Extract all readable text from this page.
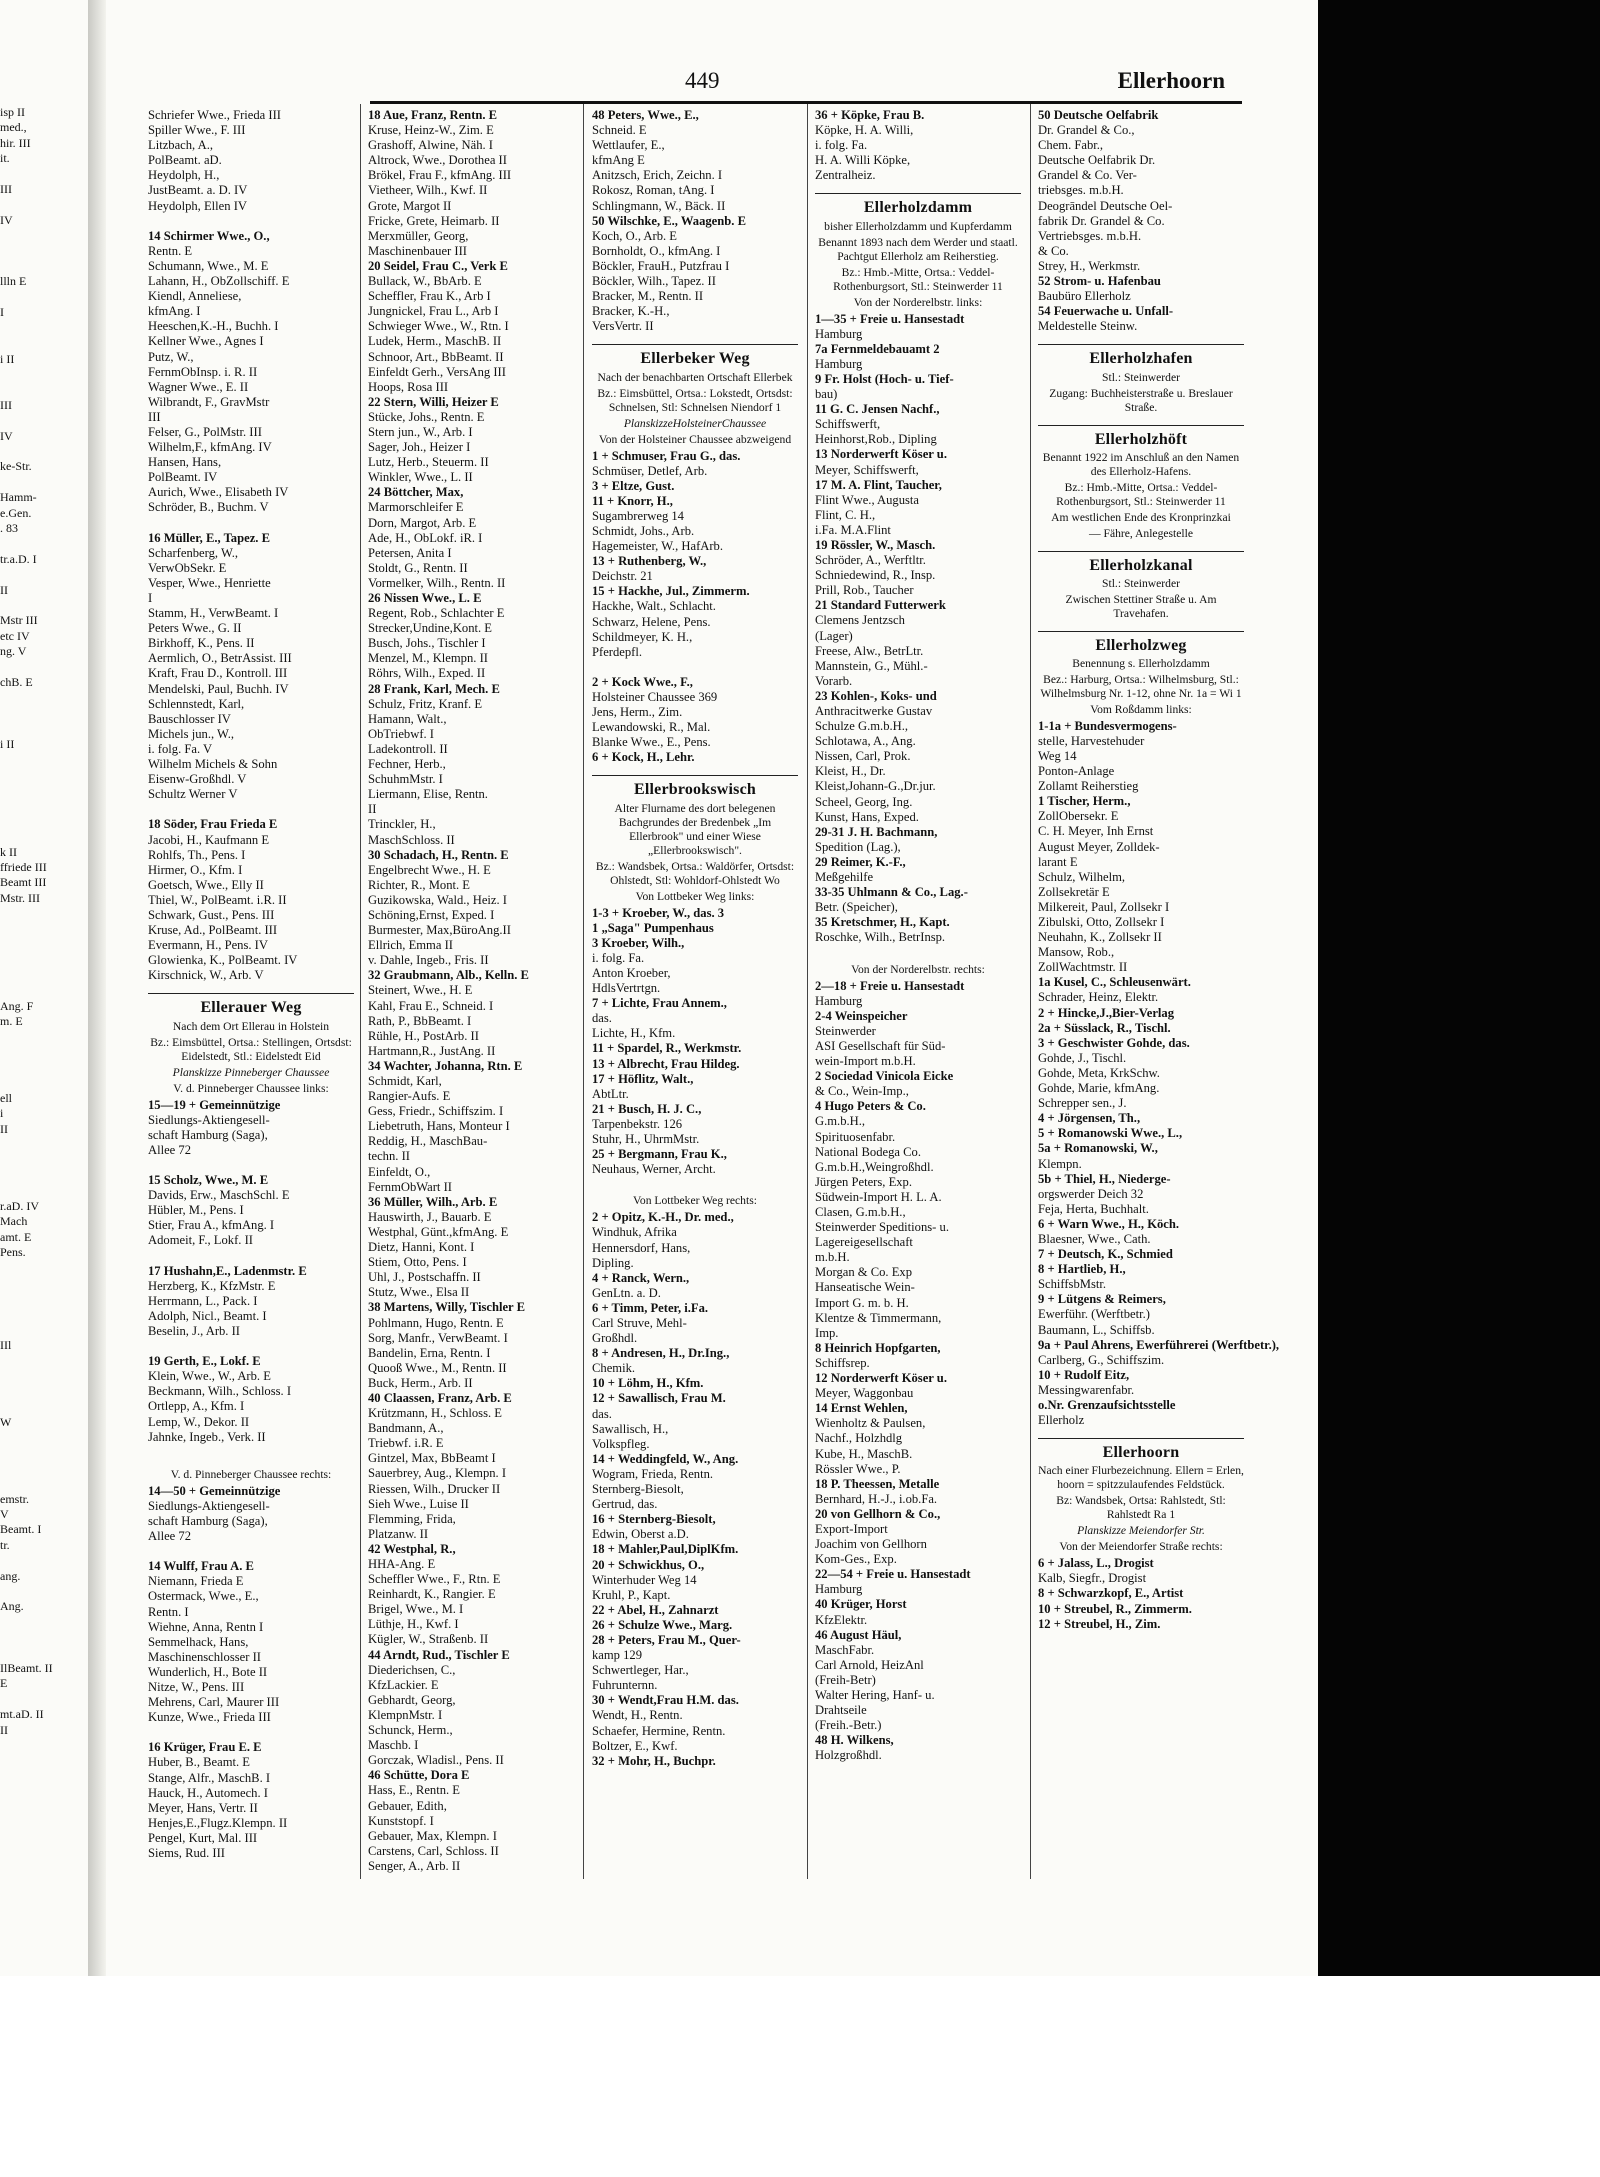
isp II
med.,
hir. III
it.

III

IV

llln E

I

i II

III

IV

ke-Str.

Hamm-
e.Gen.
. 83

tr.a.D. I

II

Mstr III
etc IV
ng. V

chB. E

i II

k II
ffriede III
Beamt III
Mstr. III

Ang. F
m. E

ell
i
II

r.aD. IV
Mach
amt. E
Pens.

IIl

W

emstr.
V
Beamt. I
tr.

ang.

Ang.

IlBeamt. II
E

mt.aD. II
II
449	Ellerhoorn
Schriefer Wwe., Frieda III
Spiller Wwe., F. III
Litzbach, A.,
PolBeamt. aD.
Heydolph, H.,
JustBeamt. a. D. IV
Heydolph, Ellen IV

14 Schirmer Wwe., O.,
Rentn. E
Schumann, Wwe., M. E
Lahann, H., ObZollschiff. E
Kiendl, Anneliese,
kfmAng. I
Heeschen,K.-H., Buchh. I
Kellner Wwe., Agnes I
Putz, W.,
FernmObInsp. i. R. II
Wagner Wwe., E. II
Wilbrandt, F., GravMstr
III
Felser, G., PolMstr. III
Wilhelm,F., kfmAng. IV
Hansen, Hans,
PolBeamt. IV
Aurich, Wwe., Elisabeth IV
Schröder, B., Buchm. V

16 Müller, E., Tapez. E
Scharfenberg, W.,
VerwObSekr. E
Vesper, Wwe., Henriette
I
Stamm, H., VerwBeamt. I
Peters Wwe., G. II
Birkhoff, K., Pens. II
Aermlich, O., BetrAssist. III
Kraft, Frau D., Kontroll. III
Mendelski, Paul, Buchh. IV
Schlennstedt, Karl,
Bauschlosser IV
Michels jun., W.,
i. folg. Fa. V
Wilhelm Michels & Sohn
Eisenw-Großhdl. V
Schultz Werner V

18 Söder, Frau Frieda E
Jacobi, H., Kaufmann E
Rohlfs, Th., Pens. I
Hirmer, O., Kfm. I
Goetsch, Wwe., Elly II
Thiel, W., PolBeamt. i.R. II
Schwark, Gust., Pens. III
Kruse, Ad., PolBeamt. III
Evermann, H., Pens. IV
Glowienka, K., PolBeamt. IV
Kirschnick, W., Arb. V
Ellerauer Weg
Nach dem Ort Ellerau in Holstein
Bz.: Eimsbüttel, Ortsa.: Stellingen, Ortsdst: Eidelstedt, Stl.: Eidelstedt Eid
Planskizze Pinneberger Chaussee
V. d. Pinneberger Chaussee links:
15—19 + Gemeinnützige
Siedlungs-Aktiengesell-
schaft Hamburg (Saga),
Allee 72

15 Scholz, Wwe., M. E
Davids, Erw., MaschSchl. E
Hübler, M., Pens. I
Stier, Frau A., kfmAng. I
Adomeit, F., Lokf. II

17 Hushahn,E., Ladenmstr. E
Herzberg, K., KfzMstr. E
Herrmann, L., Pack. I
Adolph, Nicl., Beamt. I
Beselin, J., Arb. II

19 Gerth, E., Lokf. E
Klein, Wwe., W., Arb. E
Beckmann, Wilh., Schloss. I
Ortlepp, A., Kfm. I
Lemp, W., Dekor. II
Jahnke, Ingeb., Verk. II

V. d. Pinneberger Chaussee rechts:
14—50 + Gemeinnützige
Siedlungs-Aktiengesell-
schaft Hamburg (Saga),
Allee 72

14 Wulff, Frau A. E
Niemann, Frieda E
Ostermack, Wwe., E.,
Rentn. I
Wiehne, Anna, Rentn I
Semmelhack, Hans,
Maschinenschlosser II
Wunderlich, H., Bote II
Nitze, W., Pens. III
Mehrens, Carl, Maurer III
Kunze, Wwe., Frieda III

16 Krüger, Frau E. E
Huber, B., Beamt. E
Stange, Alfr., MaschB. I
Hauck, H., Automech. I
Meyer, Hans, Vertr. II
Henjes,E.,Flugz.Klempn. II
Pengel, Kurt, Mal. III
Siems, Rud. III
18 Aue, Franz, Rentn. E
Kruse, Heinz-W., Zim. E
Grashoff, Alwine, Näh. I
Altrock, Wwe., Dorothea II
Brökel, Frau F., kfmAng. III
Vietheer, Wilh., Kwf. II
Grote, Margot II
Fricke, Grete, Heimarb. II
Merxmüller, Georg,
Maschinenbauer III
20 Seidel, Frau C., Verk E
Bullack, W., BbArb. E
Scheffler, Frau K., Arb I
Jungnickel, Frau L., Arb I
Schwieger Wwe., W., Rtn. I
Ludek, Herm., MaschB. II
Schnoor, Art., BbBeamt. II
Einfeldt Gerh., VersAng III
Hoops, Rosa III
22 Stern, Willi, Heizer E
Stücke, Johs., Rentn. E
Stern jun., W., Arb. I
Sager, Joh., Heizer I
Lutz, Herb., Steuerm. II
Winkler, Wwe., L. II
24 Böttcher, Max,
Marmorschleifer E
Dorn, Margot, Arb. E
Ade, H., ObLokf. iR. I
Petersen, Anita I
Stoldt, G., Rentn. II
Vormelker, Wilh., Rentn. II
26 Nissen Wwe., L. E
Regent, Rob., Schlachter E
Strecker,Undine,Kont. E
Busch, Johs., Tischler I
Menzel, M., Klempn. II
Röhrs, Wilh., Exped. II
28 Frank, Karl, Mech. E
Schulz, Fritz, Kranf. E
Hamann, Walt.,
ObTriebwf. I
Ladekontroll. II
Fechner, Herb.,
SchuhmMstr. I
Liermann, Elise, Rentn.
II
Trinckler, H.,
MaschSchloss. II
30 Schadach, H., Rentn. E
Engelbrecht Wwe., H. E
Richter, R., Mont. E
Guzikowska, Wald., Heiz. I
Schöning,Ernst, Exped. I
Burmester, Max,BüroAng.II
Ellrich, Emma II
v. Dahle, Ingeb., Fris. II
32 Graubmann, Alb., Kelln. E
Steinert, Wwe., H. E
Kahl, Frau E., Schneid. I
Rath, P., BbBeamt. I
Rühle, H., PostArb. II
Hartmann,R., JustAng. II
34 Wachter, Johanna, Rtn. E
Schmidt, Karl,
Rangier-Aufs. E
Gess, Friedr., Schiffszim. I
Liebetruth, Hans, Monteur I
Reddig, H., MaschBau-
techn. II
Einfeldt, O.,
FernmObWart II
36 Müller, Wilh., Arb. E
Hauswirth, J., Bauarb. E
Westphal, Günt.,kfmAng. E
Dietz, Hanni, Kont. I
Stiem, Otto, Pens. I
Uhl, J., Postschaffn. II
Stutz, Wwe., Elsa II
38 Martens, Willy, Tischler E
Pohlmann, Hugo, Rentn. E
Sorg, Manfr., VerwBeamt. I
Bandelin, Erna, Rentn. I
Quooß Wwe., M., Rentn. II
Buck, Herm., Arb. II
40 Claassen, Franz, Arb. E
Krützmann, H., Schloss. E
Bandmann, A.,
Triebwf. i.R. E
Gintzel, Max, BbBeamt I
Sauerbrey, Aug., Klempn. I
Riessen, Wilh., Drucker II
Sieh Wwe., Luise II
Flemming, Frida,
Platzanw. II
42 Westphal, R.,
HHA-Ang. E
Scheffler Wwe., F., Rtn. E
Reinhardt, K., Rangier. E
Brigel, Wwe., M. I
Lüthje, H., Kwf. I
Kügler, W., Straßenb. II
44 Arndt, Rud., Tischler E
Diederichsen, C.,
KfzLackier. E
Gebhardt, Georg,
KlempnMstr. I
Schunck, Herm.,
Maschb. I
Gorczak, Wladisl., Pens. II
46 Schütte, Dora E
Hass, E., Rentn. E
Gebauer, Edith,
Kunststopf. I
Gebauer, Max, Klempn. I
Carstens, Carl, Schloss. II
Senger, A., Arb. II
48 Peters, Wwe., E.,
Schneid. E
Wettlaufer, E.,
kfmAng E
Anitzsch, Erich, Zeichn. I
Rokosz, Roman, tAng. I
Schlingmann, W., Bäck. II
50 Wilschke, E., Waagenb. E
Koch, O., Arb. E
Bornholdt, O., kfmAng. I
Böckler, FrauH., Putzfrau I
Böckler, Wilh., Tapez. II
Bracker, M., Rentn. II
Bracker, K.-H.,
VersVertr. II
Ellerbeker Weg
Nach der benachbarten Ortschaft Ellerbek
Bz.: Eimsbüttel, Ortsa.: Lokstedt, Ortsdst: Schnelsen, Stl: Schnelsen Niendorf 1
PlanskizzeHolsteinerChaussee
Von der Holsteiner Chaussee abzweigend
1 + Schmuser, Frau G., das.
Schmüser, Detlef, Arb.
3 + Eltze, Gust.
11 + Knorr, H.,
Sugambrerweg 14
Schmidt, Johs., Arb.
Hagemeister, W., HafArb.
13 + Ruthenberg, W.,
Deichstr. 21
15 + Hackhe, Jul., Zimmerm.
Hackhe, Walt., Schlacht.
Schwarz, Helene, Pens.
Schildmeyer, K. H.,
Pferdepfl.

2 + Kock Wwe., F.,
Holsteiner Chaussee 369
Jens, Herm., Zim.
Lewandowski, R., Mal.
Blanke Wwe., E., Pens.
6 + Kock, H., Lehr.
Ellerbrookswisch
Alter Flurname des dort belegenen Bachgrundes der Bredenbek „Im Ellerbrook" und einer Wiese „Ellerbrookswisch".
Bz.: Wandsbek, Ortsa.: Waldörfer, Ortsdst: Ohlstedt, Stl: Wohldorf-Ohlstedt Wo
Von Lottbeker Weg links:
1-3 + Kroeber, W., das. 3
1 „Saga" Pumpenhaus
3 Kroeber, Wilh.,
i. folg. Fa.
Anton Kroeber,
HdlsVertrtgn.
7 + Lichte, Frau Annem.,
das.
Lichte, H., Kfm.
11 + Spardel, R., Werkmstr.
13 + Albrecht, Frau Hildeg.
17 + Höflitz, Walt.,
AbtLtr.
21 + Busch, H. J. C.,
Tarpenbekstr. 126
Stuhr, H., UhrmMstr.
25 + Bergmann, Frau K.,
Neuhaus, Werner, Archt.

Von Lottbeker Weg rechts:
2 + Opitz, K.-H., Dr. med.,
Windhuk, Afrika
Hennersdorf, Hans,
Dipling.
4 + Ranck, Wern.,
GenLtn. a. D.
6 + Timm, Peter, i.Fa.
Carl Struve, Mehl-
Großhdl.
8 + Andresen, H., Dr.Ing.,
Chemik.
10 + Löhm, H., Kfm.
12 + Sawallisch, Frau M.
das.
Sawallisch, H.,
Volkspfleg.
14 + Weddingfeld, W., Ang.
Wogram, Frieda, Rentn.
Sternberg-Biesolt,
Gertrud, das.
16 + Sternberg-Biesolt,
Edwin, Oberst a.D.
18 + Mahler,Paul,DiplKfm.
20 + Schwickhus, O.,
Winterhuder Weg 14
Kruhl, P., Kapt.
22 + Abel, H., Zahnarzt
26 + Schulze Wwe., Marg.
28 + Peters, Frau M., Quer-
kamp 129
Schwertleger, Har.,
Fuhrunternn.
30 + Wendt,Frau H.M. das.
Wendt, H., Rentn.
Schaefer, Hermine, Rentn.
Boltzer, E., Kwf.
32 + Mohr, H., Buchpr.
36 + Köpke, Frau B.
Köpke, H. A. Willi,
i. folg. Fa.
H. A. Willi Köpke,
Zentralheiz.
Ellerholzdamm
bisher Ellerholzdamm und Kupferdamm
Benannt 1893 nach dem Werder und staatl. Pachtgut Ellerholz am Reiherstieg.
Bz.: Hmb.-Mitte, Ortsa.: Veddel-Rothenburgsort, Stl.: Steinwerder 11
Von der Norderelbstr. links:
1—35 + Freie u. Hansestadt
Hamburg
7a Fernmeldebauamt 2
Hamburg
9 Fr. Holst (Hoch- u. Tief-
bau)
11 G. C. Jensen Nachf.,
Schiffswerft,
Heinhorst,Rob., Dipling
13 Norderwerft Köser u.
Meyer, Schiffswerft,
17 M. A. Flint, Taucher,
Flint Wwe., Augusta
Flint, C. H.,
i.Fa. M.A.Flint
19 Rössler, W., Masch.
Schröder, A., Werftltr.
Schniedewind, R., Insp.
Prill, Rob., Taucher
21 Standard Futterwerk
Clemens Jentzsch
(Lager)
Freese, Alw., BetrLtr.
Mannstein, G., Mühl.-
Vorarb.
23 Kohlen-, Koks- und
Anthracitwerke Gustav
Schulze G.m.b.H.,
Schlotawa, A., Ang.
Nissen, Carl, Prok.
Kleist, H., Dr.
Kleist,Johann-G.,Dr.jur.
Scheel, Georg, Ing.
Kunst, Hans, Exped.
29-31 J. H. Bachmann,
Spedition (Lag.),
29 Reimer, K.-F.,
Meßgehilfe
33-35 Uhlmann & Co., Lag.-
Betr. (Speicher),
35 Kretschmer, H., Kapt.
Roschke, Wilh., BetrInsp.

Von der Norderelbstr. rechts:
2—18 + Freie u. Hansestadt
Hamburg
2-4 Weinspeicher
Steinwerder
ASI Gesellschaft für Süd-
wein-Import m.b.H.
2 Sociedad Vinicola Eicke
& Co., Wein-Imp.,
4 Hugo Peters & Co.
G.m.b.H.,
Spirituosenfabr.
National Bodega Co.
G.m.b.H.,Weingroßhdl.
Jürgen Peters, Exp.
Südwein-Import H. L. A.
Clasen, G.m.b.H.,
Steinwerder Speditions- u.
Lagereigesellschaft
m.b.H.
Morgan & Co. Exp
Hanseatische Wein-
Import G. m. b. H.
Klentze & Timmermann,
Imp.
8 Heinrich Hopfgarten,
Schiffsrep.
12 Norderwerft Köser u.
Meyer, Waggonbau
14 Ernst Wehlen,
Wienholtz & Paulsen,
Nachf., Holzhdlg
Kube, H., MaschB.
Rössler Wwe., P.
18 P. Theessen, Metalle
Bernhard, H.-J., i.ob.Fa.
20 von Gellhorn & Co.,
Export-Import
Joachim von Gellhorn
Kom-Ges., Exp.
22—54 + Freie u. Hansestadt
Hamburg
40 Krüger, Horst
KfzElektr.
46 August Häul,
MaschFabr.
Carl Arnold, HeizAnl
(Freih-Betr)
Walter Hering, Hanf- u.
Drahtseile
(Freih.-Betr.)
48 H. Wilkens,
Holzgroßhdl.
50 Deutsche Oelfabrik
Dr. Grandel & Co.,
Chem. Fabr.,
Deutsche Oelfabrik Dr.
Grandel & Co. Ver-
triebsges. m.b.H.
Deogrāndel Deutsche Oel-
fabrik Dr. Grandel & Co.
Vertriebsges. m.b.H.
& Co.
Strey, H., Werkmstr.
52 Strom- u. Hafenbau
Baubüro Ellerholz
54 Feuerwache u. Unfall-
Meldestelle Steinw.
Ellerholzhafen
Stl.: Steinwerder
Zugang: Buchheisterstraße u. Breslauer Straße.
Ellerholzhöft
Benannt 1922 im Anschluß an den Namen des Ellerholz-Hafens.
Bz.: Hmb.-Mitte, Ortsa.: Veddel-Rothenburgsort, Stl.: Steinwerder 11
Am westlichen Ende des Kronprinzkai
— Fähre, Anlegestelle
Ellerholzkanal
Stl.: Steinwerder
Zwischen Stettiner Straße u. Am Travehafen.
Ellerholzweg
Benennung s. Ellerholzdamm
Bez.: Harburg, Ortsa.: Wilhelmsburg, Stl.: Wilhelmsburg Nr. 1-12, ohne Nr. 1a = Wi 1
Vom Roßdamm links:
1-1a + Bundesvermogens-
stelle, Harvestehuder
Weg 14
Ponton-Anlage
Zollamt Reiherstieg
1 Tischer, Herm.,
ZollObersekr. E
C. H. Meyer, Inh Ernst
August Meyer, Zolldek-
larant E
Schulz, Wilhelm,
Zollsekretär E
Milkereit, Paul, Zollsekr I
Zibulski, Otto, Zollsekr I
Neuhahn, K., Zollsekr II
Mansow, Rob.,
ZollWachtmstr. II
1a Kusel, C., Schleusenwärt.
Schrader, Heinz, Elektr.
2 + Hincke,J.,Bier-Verlag
2a + Süsslack, R., Tischl.
3 + Geschwister Gohde, das.
Gohde, J., Tischl.
Gohde, Meta, KrkSchw.
Gohde, Marie, kfmAng.
Schrepper sen., J.
4 + Jörgensen, Th.,
5 + Romanowski Wwe., L.,
5a + Romanowski, W.,
Klempn.
5b + Thiel, H., Niederge-
orgswerder Deich 32
Feja, Herta, Buchhalt.
6 + Warn Wwe., H., Köch.
Blaesner, Wwe., Cath.
7 + Deutsch, K., Schmied
8 + Hartlieb, H.,
SchiffsbMstr.
9 + Lütgens & Reimers,
Ewerführ. (Werftbetr.)
Baumann, L., Schiffsb.
9a + Paul Ahrens, Ewerführerei (Werftbetr.),
Carlberg, G., Schiffszim.
10 + Rudolf Eitz,
Messingwarenfabr.
o.Nr. Grenzaufsichtsstelle
Ellerholz
Ellerhoorn
Nach einer Flurbezeichnung. Ellern = Erlen, hoorn = spitzzulaufendes Feldstück.
Bz: Wandsbek, Ortsa: Rahlstedt, Stl: Rahlstedt Ra 1
Planskizze Meiendorfer Str.
Von der Meiendorfer Straße rechts:
6 + Jalass, L., Drogist
Kalb, Siegfr., Drogist
8 + Schwarzkopf, E., Artist
10 + Streubel, R., Zimmerm.
12 + Streubel, H., Zim.
